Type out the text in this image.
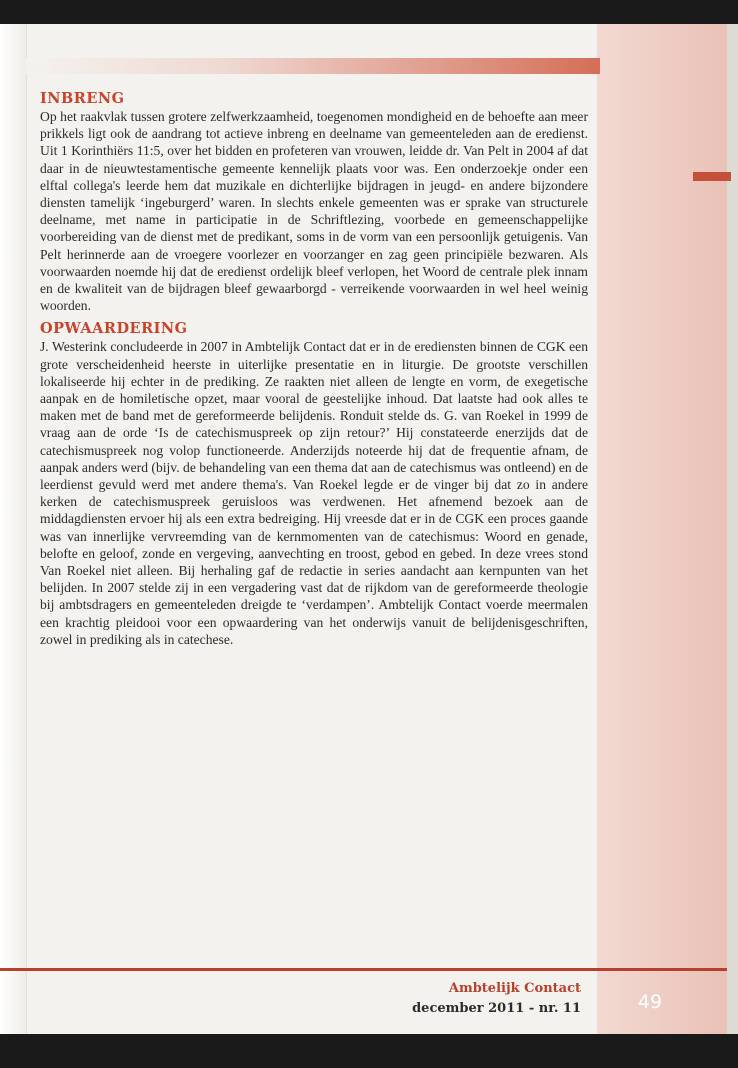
INBRENG

Op het raakvlak tussen grotere zelfwerkzaamheid, toegenomen mondigheid en de behoefte aan meer prikkels ligt ook de aandrang tot actieve inbreng en deelname van gemeenteleden aan de eredienst. Uit 1 Korinthiërs 11:5, over het bidden en profeteren van vrouwen, leidde dr. Van Pelt in 2004 af dat daar in de nieuwtestamentische gemeente kennelijk plaats voor was. Een onderzoekje onder een elftal collega's leerde hem dat muzikale en dichterlijke bijdragen in jeugd- en andere bijzondere diensten tamelijk ‘ingeburgerd’ waren. In slechts enkele gemeenten was er sprake van structurele deelname, met name in participatie in de Schriftlezing, voorbede en gemeenschappelijke voorbereiding van de dienst met de predikant, soms in de vorm van een persoonlijk getuigenis. Van Pelt herinnerde aan de vroegere voorlezer en voorzanger en zag geen principiële bezwaren. Als voorwaarden noemde hij dat de eredienst ordelijk bleef verlopen, het Woord de centrale plek innam en de kwaliteit van de bijdragen bleef gewaarborgd - verreikende voorwaarden in wel heel weinig woorden.

OPWAARDERING

J. Westerink concludeerde in 2007 in Ambtelijk Contact dat er in de erediensten binnen de CGK een grote verscheidenheid heerste in uiterlijke presentatie en in liturgie. De grootste verschillen lokaliseerde hij echter in de prediking. Ze raakten niet alleen de lengte en vorm, de exegetische aanpak en de homiletische opzet, maar vooral de geestelijke inhoud. Dat laatste had ook alles te maken met de band met de gereformeerde belijdenis. Ronduit stelde ds. G. van Roekel in 1999 de vraag aan de orde ‘Is de catechismuspreek op zijn retour?’ Hij constateerde enerzijds dat de catechismuspreek nog volop functioneerde. Anderzijds noteerde hij dat de frequentie afnam, de aanpak anders werd (bijv. de behandeling van een thema dat aan de catechismus was ontleend) en de leerdienst gevuld werd met andere thema's. Van Roekel legde er de vinger bij dat zo in andere kerken de catechismuspreek geruisloos was verdwenen. Het afnemend bezoek aan de middagdiensten ervoer hij als een extra bedreiging. Hij vreesde dat er in de CGK een proces gaande was van innerlijke vervreemding van de kernmomenten van de catechismus: Woord en genade, belofte en geloof, zonde en vergeving, aanvechting en troost, gebod en gebed. In deze vrees stond Van Roekel niet alleen. Bij herhaling gaf de redactie in series aandacht aan kernpunten van het belijden. In 2007 stelde zij in een vergadering vast dat de rijkdom van de gereformeerde theologie bij ambtsdragers en gemeenteleden dreigde te ‘verdampen’. Ambtelijk Contact voerde meermalen een krachtig pleidooi voor een opwaardering van het onderwijs vanuit de belijdenisgeschriften, zowel in prediking als in catechese.

Ambtelijk Contact
december 2011 - nr. 11	49
